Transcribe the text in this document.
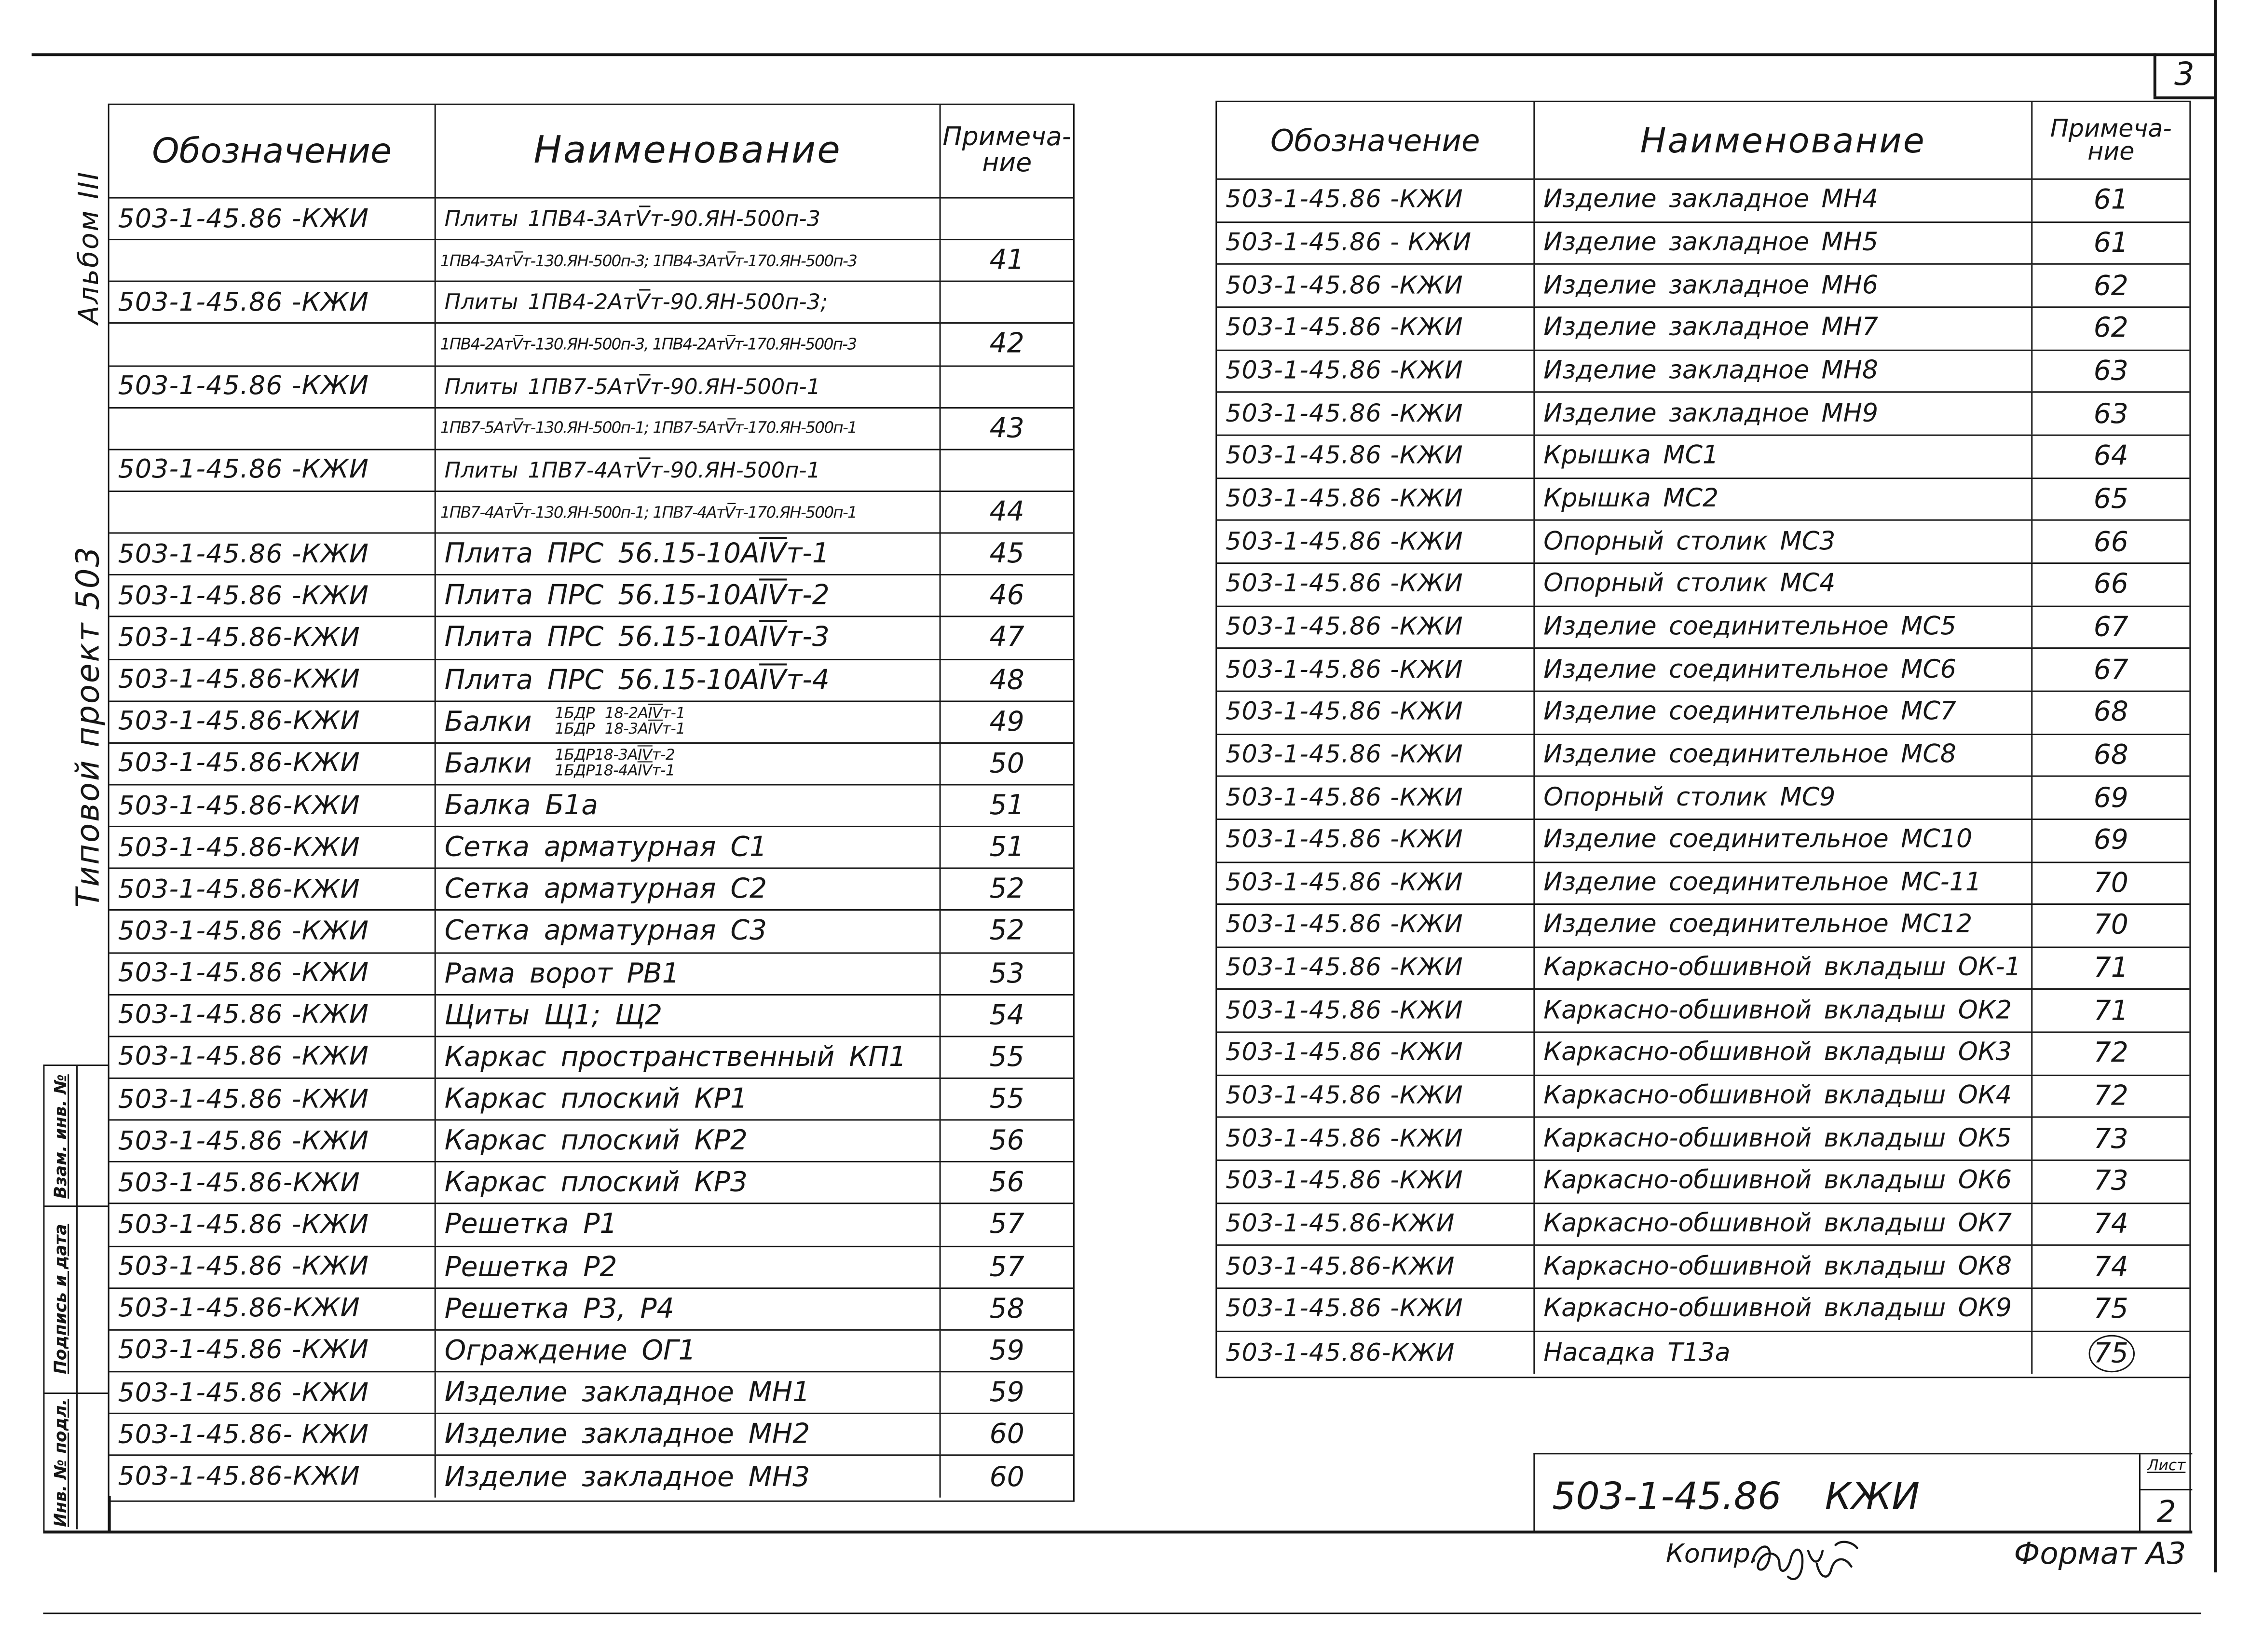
3
Альбом III
Типовой проект 503
Взам. инв. №
Подпись и дата
Инв. № подл.
Обозначение	Наименование	Примеча-
ние
503-1-45.86 -КЖИ	Плиты 1ПВ4-3АтV̅т-90.ЯН-500п-3
1ПВ4-3АтV̅т-130.ЯН-500п-3; 1ПВ4-3АтV̅т-170.ЯН-500п-3	41
503-1-45.86 -КЖИ	Плиты 1ПВ4-2АтV̅т-90.ЯН-500п-3;
1ПВ4-2АтV̅т-130.ЯН-500п-3, 1ПВ4-2АтV̅т-170.ЯН-500п-3	42
503-1-45.86 -КЖИ	Плиты 1ПВ7-5АтV̅т-90.ЯН-500п-1
1ПВ7-5АтV̅т-130.ЯН-500п-1; 1ПВ7-5АтV̅т-170.ЯН-500п-1	43
503-1-45.86 -КЖИ	Плиты 1ПВ7-4АтV̅т-90.ЯН-500п-1
1ПВ7-4АтV̅т-130.ЯН-500п-1; 1ПВ7-4АтV̅т-170.ЯН-500п-1	44
503-1-45.86 -КЖИ	Плита ПРС 56.15-10АI̅V̅т-1	45
503-1-45.86 -КЖИ	Плита ПРС 56.15-10АI̅V̅т-2	46
503-1-45.86-КЖИ	Плита ПРС 56.15-10АI̅V̅т-3	47
503-1-45.86-КЖИ	Плита ПРС 56.15-10АI̅V̅т-4	48
503-1-45.86-КЖИ	Балки	1БДР 18-2АI̅V̅т-1
1БДР 18-3АI̅V̅т-1	49
503-1-45.86-КЖИ	Балки	1БДР18-3АI̅V̅т-2
1БДР18-4АI̅V̅т-1	50
503-1-45.86-КЖИ	Балка Б1а	51
503-1-45.86-КЖИ	Сетка арматурная С1	51
503-1-45.86-КЖИ	Сетка арматурная С2	52
503-1-45.86 -КЖИ	Сетка арматурная С3	52
503-1-45.86 -КЖИ	Рама ворот РВ1	53
503-1-45.86 -КЖИ	Щиты Щ1; Щ2	54
503-1-45.86 -КЖИ	Каркас пространственный КП1	55
503-1-45.86 -КЖИ	Каркас плоский КР1	55
503-1-45.86 -КЖИ	Каркас плоский КР2	56
503-1-45.86-КЖИ	Каркас плоский КР3	56
503-1-45.86 -КЖИ	Решетка Р1	57
503-1-45.86 -КЖИ	Решетка Р2	57
503-1-45.86-КЖИ	Решетка Р3, Р4	58
503-1-45.86 -КЖИ	Ограждение ОГ1	59
503-1-45.86 -КЖИ	Изделие закладное МН1	59
503-1-45.86- КЖИ	Изделие закладное МН2	60
503-1-45.86-КЖИ	Изделие закладное МН3	60
Обозначение	Наименование	Примеча-
ние
503-1-45.86 -КЖИ	Изделие закладное МН4	61
503-1-45.86 - КЖИ	Изделие закладное МН5	61
503-1-45.86 -КЖИ	Изделие закладное МН6	62
503-1-45.86 -КЖИ	Изделие закладное МН7	62
503-1-45.86 -КЖИ	Изделие закладное МН8	63
503-1-45.86 -КЖИ	Изделие закладное МН9	63
503-1-45.86 -КЖИ	Крышка МС1	64
503-1-45.86 -КЖИ	Крышка МС2	65
503-1-45.86 -КЖИ	Опорный столик МС3	66
503-1-45.86 -КЖИ	Опорный столик МС4	66
503-1-45.86 -КЖИ	Изделие соединительное МС5	67
503-1-45.86 -КЖИ	Изделие соединительное МС6	67
503-1-45.86 -КЖИ	Изделие соединительное МС7	68
503-1-45.86 -КЖИ	Изделие соединительное МС8	68
503-1-45.86 -КЖИ	Опорный столик МС9	69
503-1-45.86 -КЖИ	Изделие соединительное МС10	69
503-1-45.86 -КЖИ	Изделие соединительное МС-11	70
503-1-45.86 -КЖИ	Изделие соединительное МС12	70
503-1-45.86 -КЖИ	Каркасно-обшивной вкладыш ОК-1	71
503-1-45.86 -КЖИ	Каркасно-обшивной вкладыш ОК2	71
503-1-45.86 -КЖИ	Каркасно-обшивной вкладыш ОК3	72
503-1-45.86 -КЖИ	Каркасно-обшивной вкладыш ОК4	72
503-1-45.86 -КЖИ	Каркасно-обшивной вкладыш ОК5	73
503-1-45.86 -КЖИ	Каркасно-обшивной вкладыш ОК6	73
503-1-45.86-КЖИ	Каркасно-обшивной вкладыш ОК7	74
503-1-45.86-КЖИ	Каркасно-обшивной вкладыш ОК8	74
503-1-45.86 -КЖИ	Каркасно-обшивной вкладыш ОК9	75
503-1-45.86-КЖИ	Насадка Т13а	75
503-1-45.86 КЖИ
Лист
2
Копир.	Формат А3
